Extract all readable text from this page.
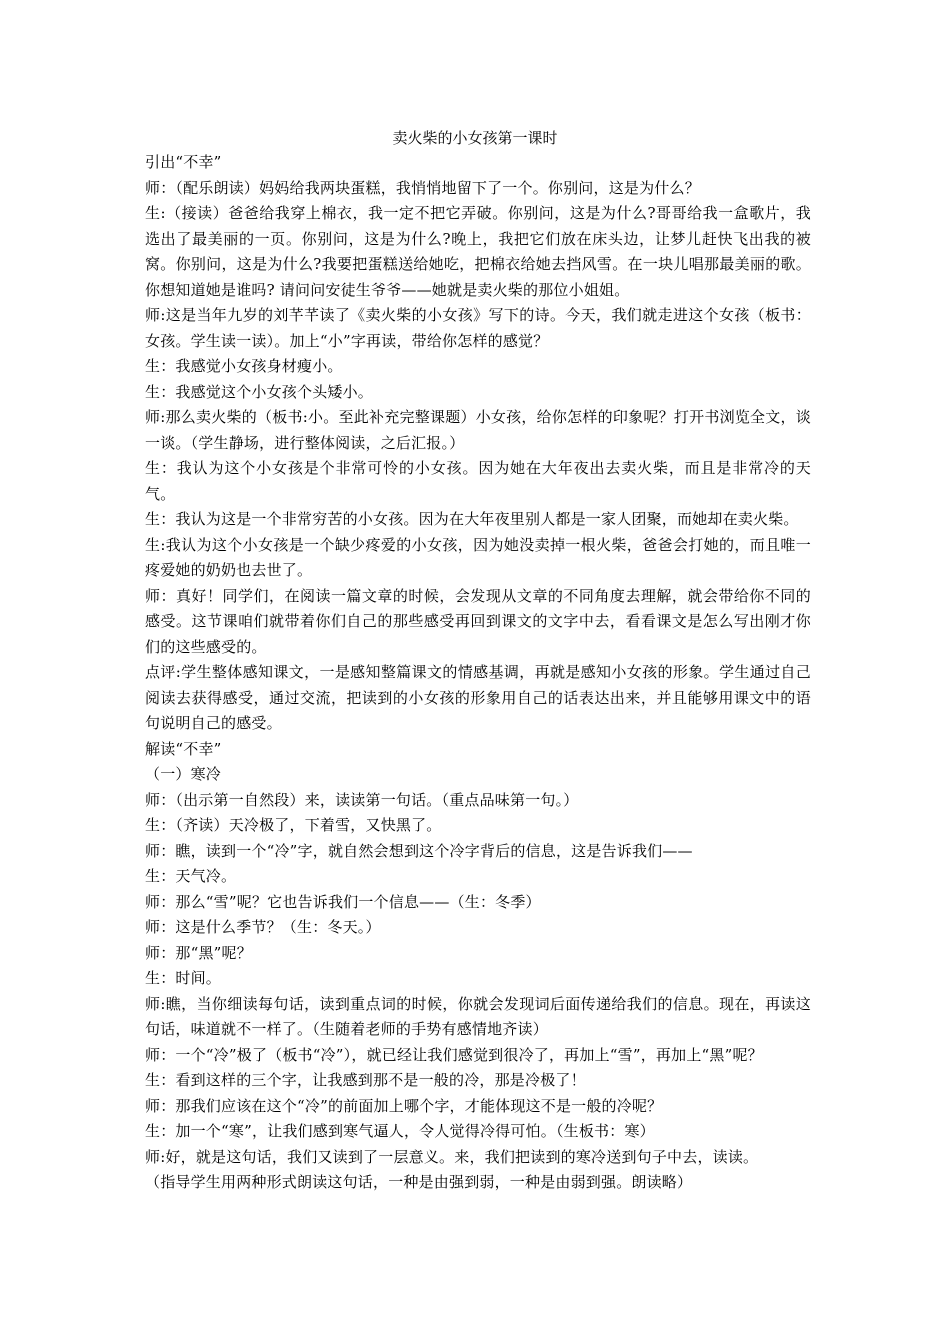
卖火柴的小女孩第一课时

引出“不幸”

师：（配乐朗读）妈妈给我两块蛋糕，我悄悄地留下了一个。你别问，这是为什么？

生:（接读）爸爸给我穿上棉衣，我一定不把它弄破。你别问，这是为什么?哥哥给我一盒歌片，我选出了最美丽的一页。你别问，这是为什么?晚上，我把它们放在床头边，让梦儿赶快飞出我的被窝。你别问，这是为什么?我要把蛋糕送给她吃，把棉衣给她去挡风雪。在一块儿唱那最美丽的歌。你想知道她是谁吗? 请问问安徒生爷爷——她就是卖火柴的那位小姐姐。

师:这是当年九岁的刘芊芊读了《卖火柴的小女孩》写下的诗。今天，我们就走进这个女孩（板书：女孩。学生读一读）。加上“小”字再读，带给你怎样的感觉？

生：我感觉小女孩身材瘦小。

生：我感觉这个小女孩个头矮小。

师:那么卖火柴的（板书:小。至此补充完整课题）小女孩，给你怎样的印象呢？打开书浏览全文，谈一谈。（学生静场，进行整体阅读，之后汇报。）

生：我认为这个小女孩是个非常可怜的小女孩。因为她在大年夜出去卖火柴，而且是非常冷的天气。

生：我认为这是一个非常穷苦的小女孩。因为在大年夜里别人都是一家人团聚，而她却在卖火柴。

生:我认为这个小女孩是一个缺少疼爱的小女孩，因为她没卖掉一根火柴，爸爸会打她的，而且唯一疼爱她的奶奶也去世了。

师：真好！同学们，在阅读一篇文章的时候，会发现从文章的不同角度去理解，就会带给你不同的感受。这节课咱们就带着你们自己的那些感受再回到课文的文字中去，看看课文是怎么写出刚才你们的这些感受的。

点评:学生整体感知课文，一是感知整篇课文的情感基调，再就是感知小女孩的形象。学生通过自己阅读去获得感受，通过交流，把读到的小女孩的形象用自己的话表达出来，并且能够用课文中的语句说明自己的感受。

解读“不幸”

（一）寒冷

师：（出示第一自然段）来，读读第一句话。（重点品味第一句。）

生：（齐读）天冷极了，下着雪，又快黑了。

师：瞧，读到一个“冷”字，就自然会想到这个冷字背后的信息，这是告诉我们——

生：天气冷。

师：那么“雪”呢？它也告诉我们一个信息——（生：冬季）

师：这是什么季节？（生：冬天。）

师：那“黑”呢？

生：时间。

师:瞧，当你细读每句话，读到重点词的时候，你就会发现词后面传递给我们的信息。现在，再读这句话，味道就不一样了。（生随着老师的手势有感情地齐读）

师：一个“冷”极了（板书“冷”），就已经让我们感觉到很冷了，再加上“雪”，再加上“黑”呢？

生：看到这样的三个字，让我感到那不是一般的冷，那是冷极了！

师：那我们应该在这个“冷”的前面加上哪个字，才能体现这不是一般的冷呢？

生：加一个“寒”，让我们感到寒气逼人，令人觉得冷得可怕。（生板书：寒）

师:好，就是这句话，我们又读到了一层意义。来，我们把读到的寒冷送到句子中去，读读。

（指导学生用两种形式朗读这句话，一种是由强到弱，一种是由弱到强。朗读略）
